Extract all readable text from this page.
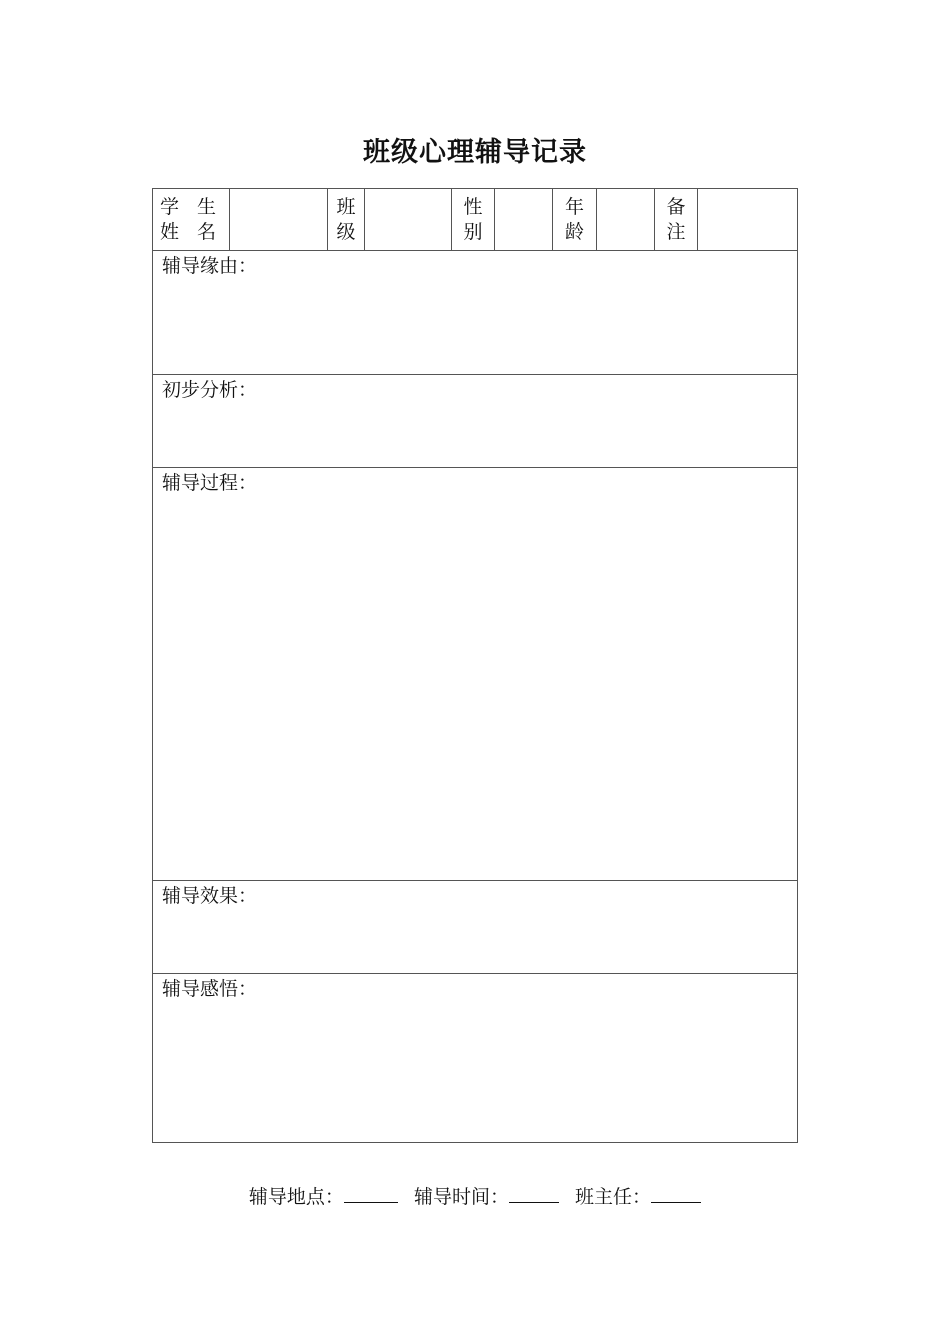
班级心理辅导记录
学 生
姓 名
班
级
性
别
年
龄
备
注
辅导缘由：
初步分析：
辅导过程：
辅导效果：
辅导感悟：
辅导地点：	辅导时间：	班主任：
